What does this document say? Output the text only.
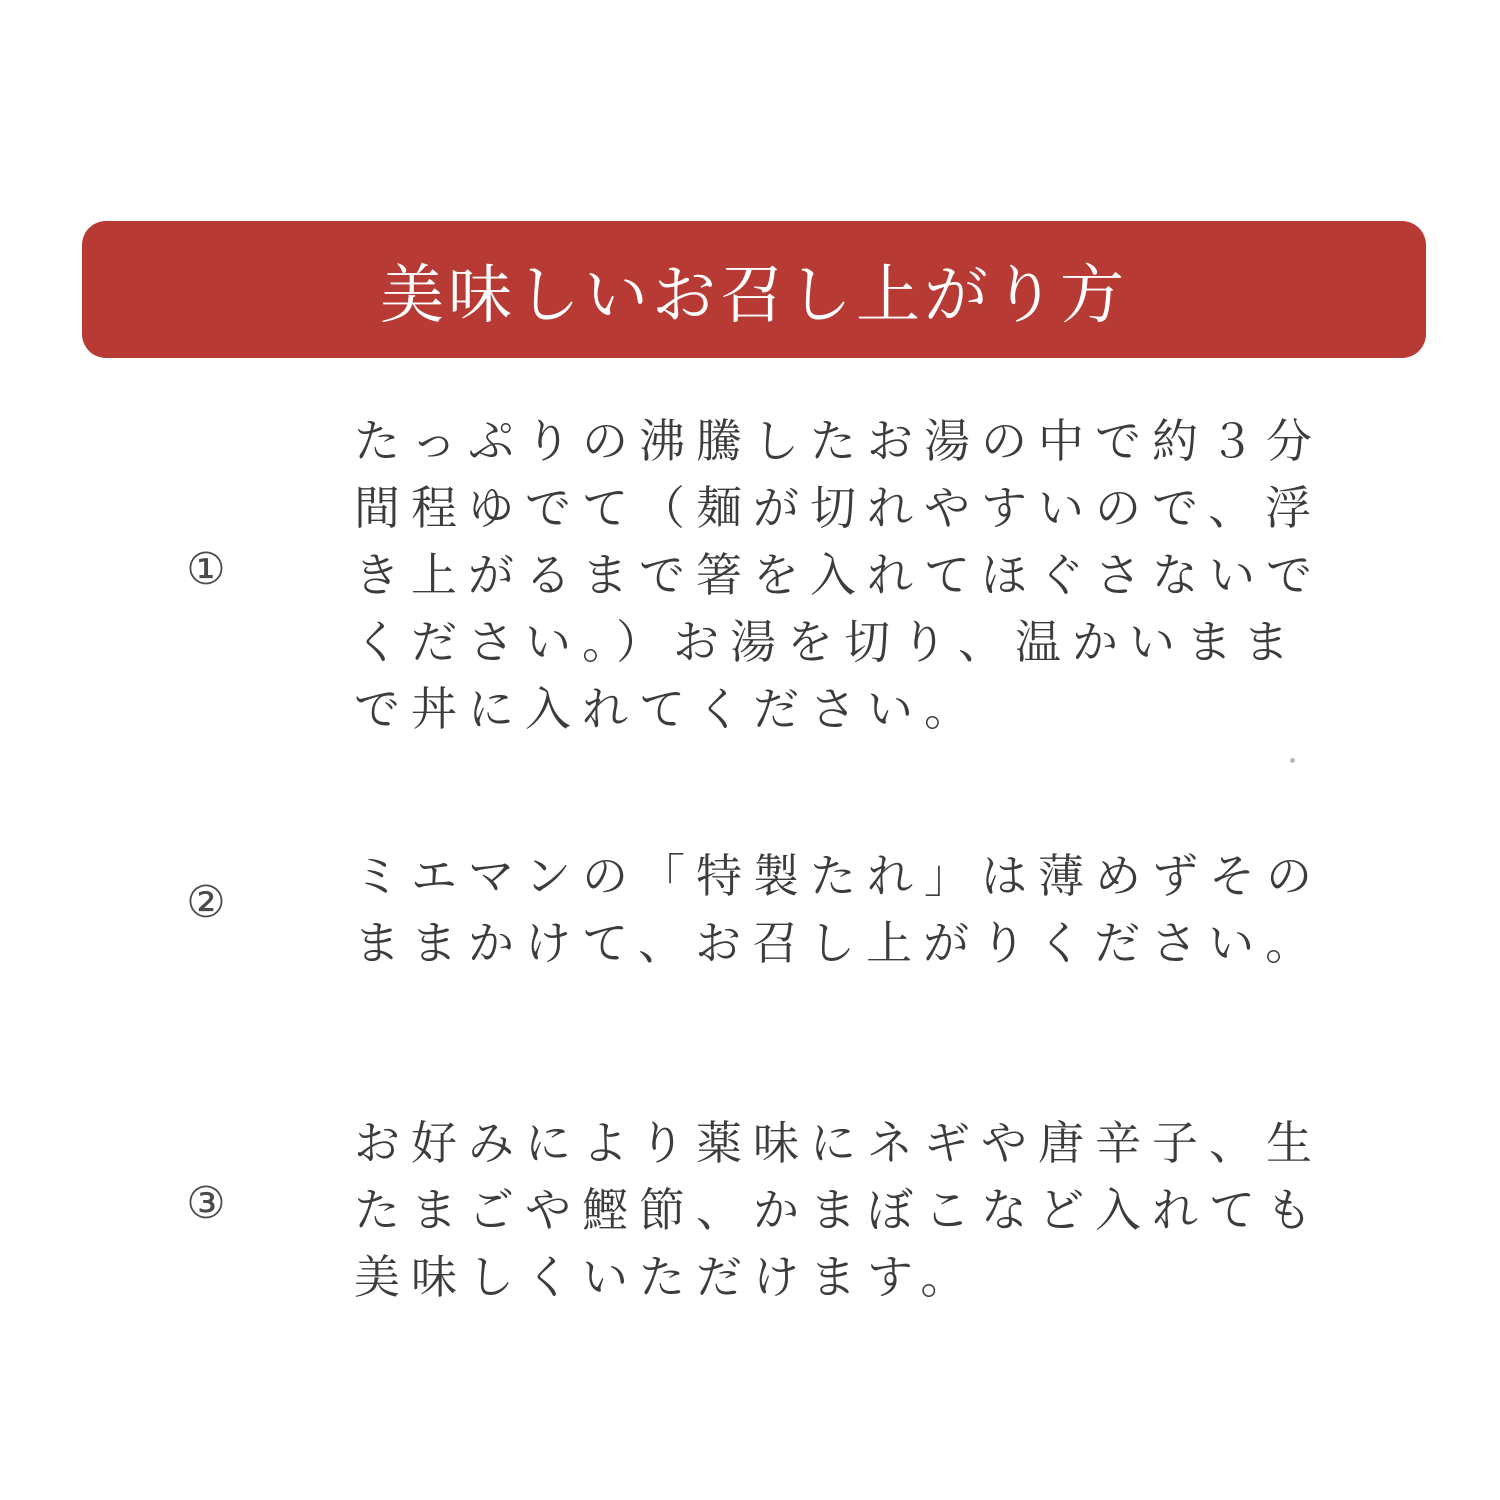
美味しいお召し上がり方
①
たっぷりの沸騰したお湯の中で約３分
間程ゆでて（麺が切れやすいので、浮
き上がるまで箸を入れてほぐさないで
ください。）お湯を切り、温かいまま
で丼に入れてください。
②	ミエマンの「特製たれ」は薄めずその
ままかけて、お召し上がりください。
③
お好みにより薬味にネギや唐辛子、生
たまごや鰹節、かまぼこなど入れても
美味しくいただけます。
